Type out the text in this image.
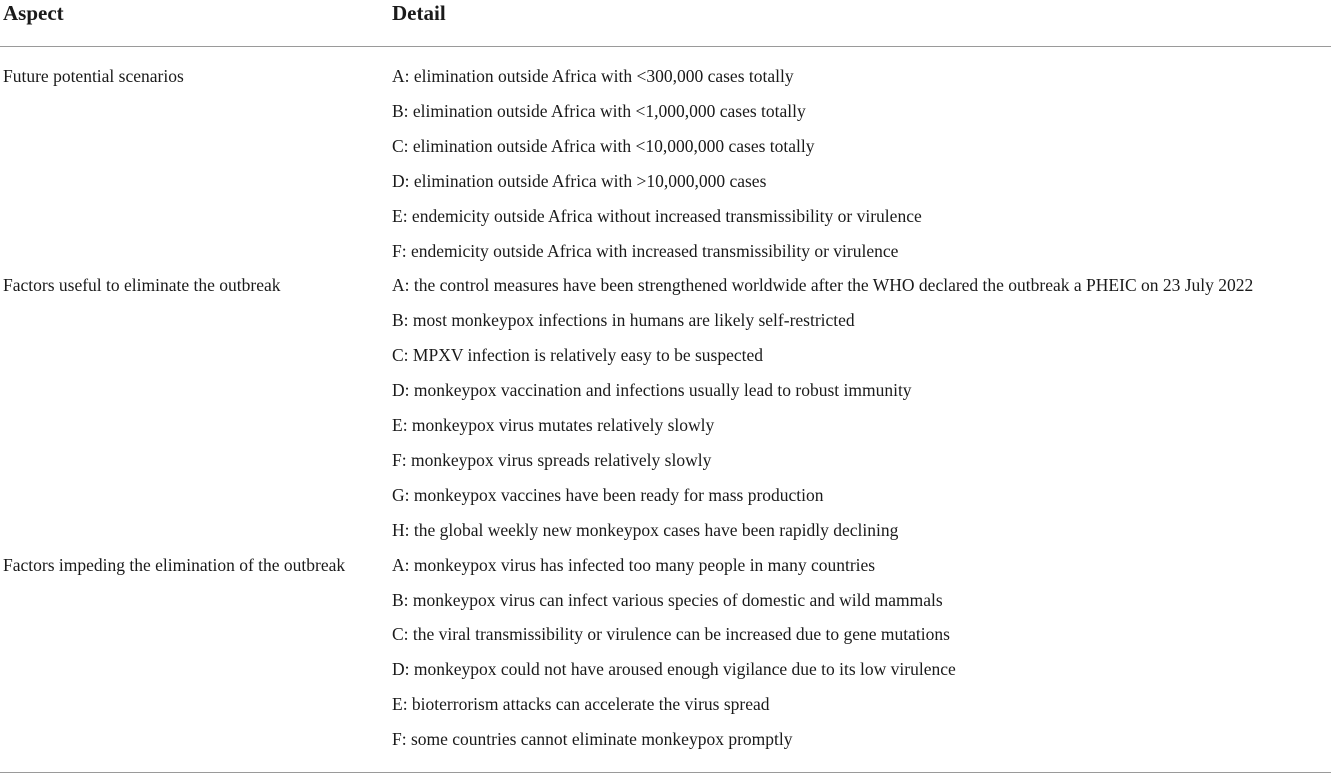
Aspect	Detail
Future potential scenarios	A: elimination outside Africa with <300,000 cases totally
B: elimination outside Africa with <1,000,000 cases totally
C: elimination outside Africa with <10,000,000 cases totally
D: elimination outside Africa with >10,000,000 cases
E: endemicity outside Africa without increased transmissibility or virulence
F: endemicity outside Africa with increased transmissibility or virulence
Factors useful to eliminate the outbreak	A: the control measures have been strengthened worldwide after the WHO declared the outbreak a PHEIC on 23 July 2022
B: most monkeypox infections in humans are likely self-restricted
C: MPXV infection is relatively easy to be suspected
D: monkeypox vaccination and infections usually lead to robust immunity
E: monkeypox virus mutates relatively slowly
F: monkeypox virus spreads relatively slowly
G: monkeypox vaccines have been ready for mass production
H: the global weekly new monkeypox cases have been rapidly declining
Factors impeding the elimination of the outbreak	A: monkeypox virus has infected too many people in many countries
B: monkeypox virus can infect various species of domestic and wild mammals
C: the viral transmissibility or virulence can be increased due to gene mutations
D: monkeypox could not have aroused enough vigilance due to its low virulence
E: bioterrorism attacks can accelerate the virus spread
F: some countries cannot eliminate monkeypox promptly
